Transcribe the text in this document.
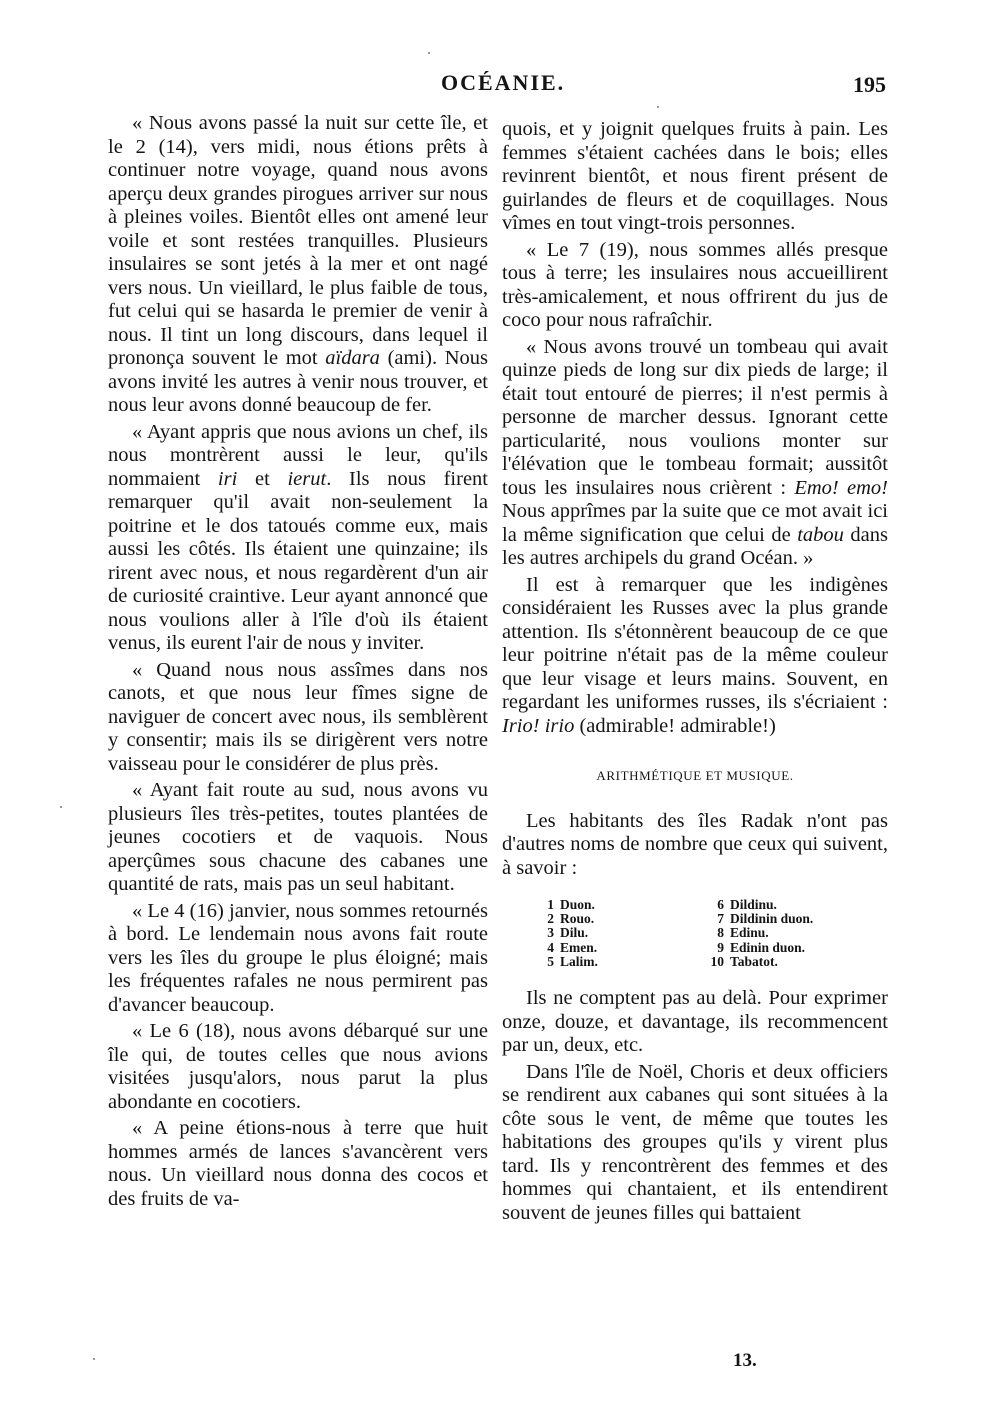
OCÉANIE.	195

« Nous avons passé la nuit sur cette île, et le 2 (14), vers midi, nous étions prêts à continuer notre voyage, quand nous avons aperçu deux grandes pirogues arriver sur nous à pleines voiles. Bientôt elles ont amené leur voile et sont restées tranquilles. Plusieurs insulaires se sont jetés à la mer et ont nagé vers nous. Un vieillard, le plus faible de tous, fut celui qui se hasarda le premier de venir à nous. Il tint un long discours, dans lequel il prononça souvent le mot aïdara (ami). Nous avons invité les autres à venir nous trouver, et nous leur avons donné beaucoup de fer.

« Ayant appris que nous avions un chef, ils nous montrèrent aussi le leur, qu'ils nommaient iri et ierut. Ils nous firent remarquer qu'il avait non-seulement la poitrine et le dos tatoués comme eux, mais aussi les côtés. Ils étaient une quinzaine; ils rirent avec nous, et nous regardèrent d'un air de curiosité craintive. Leur ayant annoncé que nous voulions aller à l'île d'où ils étaient venus, ils eurent l'air de nous y inviter.

« Quand nous nous assîmes dans nos canots, et que nous leur fîmes signe de naviguer de concert avec nous, ils semblèrent y consentir; mais ils se dirigèrent vers notre vaisseau pour le considérer de plus près.

« Ayant fait route au sud, nous avons vu plusieurs îles très-petites, toutes plantées de jeunes cocotiers et de vaquois. Nous aperçûmes sous chacune des cabanes une quantité de rats, mais pas un seul habitant.

« Le 4 (16) janvier, nous sommes retournés à bord. Le lendemain nous avons fait route vers les îles du groupe le plus éloigné; mais les fréquentes rafales ne nous permirent pas d'avancer beaucoup.

« Le 6 (18), nous avons débarqué sur une île qui, de toutes celles que nous avions visitées jusqu'alors, nous parut la plus abondante en cocotiers.

« A peine étions-nous à terre que huit hommes armés de lances s'avancèrent vers nous. Un vieillard nous donna des cocos et des fruits de va-

quois, et y joignit quelques fruits à pain. Les femmes s'étaient cachées dans le bois; elles revinrent bientôt, et nous firent présent de guirlandes de fleurs et de coquillages. Nous vîmes en tout vingt-trois personnes.

« Le 7 (19), nous sommes allés presque tous à terre; les insulaires nous accueillirent très-amicalement, et nous offrirent du jus de coco pour nous rafraîchir.

« Nous avons trouvé un tombeau qui avait quinze pieds de long sur dix pieds de large; il était tout entouré de pierres; il n'est permis à personne de marcher dessus. Ignorant cette particularité, nous voulions monter sur l'élévation que le tombeau formait; aussitôt tous les insulaires nous crièrent : Emo! emo! Nous apprîmes par la suite que ce mot avait ici la même signification que celui de tabou dans les autres archipels du grand Océan. »

Il est à remarquer que les indigènes considéraient les Russes avec la plus grande attention. Ils s'étonnèrent beaucoup de ce que leur poitrine n'était pas de la même couleur que leur visage et leurs mains. Souvent, en regardant les uniformes russes, ils s'écriaient : Irio! irio (admirable! admirable!)

ARITHMÉTIQUE ET MUSIQUE.

Les habitants des îles Radak n'ont pas d'autres noms de nombre que ceux qui suivent, à savoir :

1 Duon.
2 Rouo.
3 Dilu.
4 Emen.
5 Lalim.
6 Dildinu.
7 Dildinin duon.
8 Edinu.
9 Edinin duon.
10 Tabatot.

Ils ne comptent pas au delà. Pour exprimer onze, douze, et davantage, ils recommencent par un, deux, etc.

Dans l'île de Noël, Choris et deux officiers se rendirent aux cabanes qui sont situées à la côte sous le vent, de même que toutes les habitations des groupes qu'ils y virent plus tard. Ils y rencontrèrent des femmes et des hommes qui chantaient, et ils entendirent souvent de jeunes filles qui battaient

13.
